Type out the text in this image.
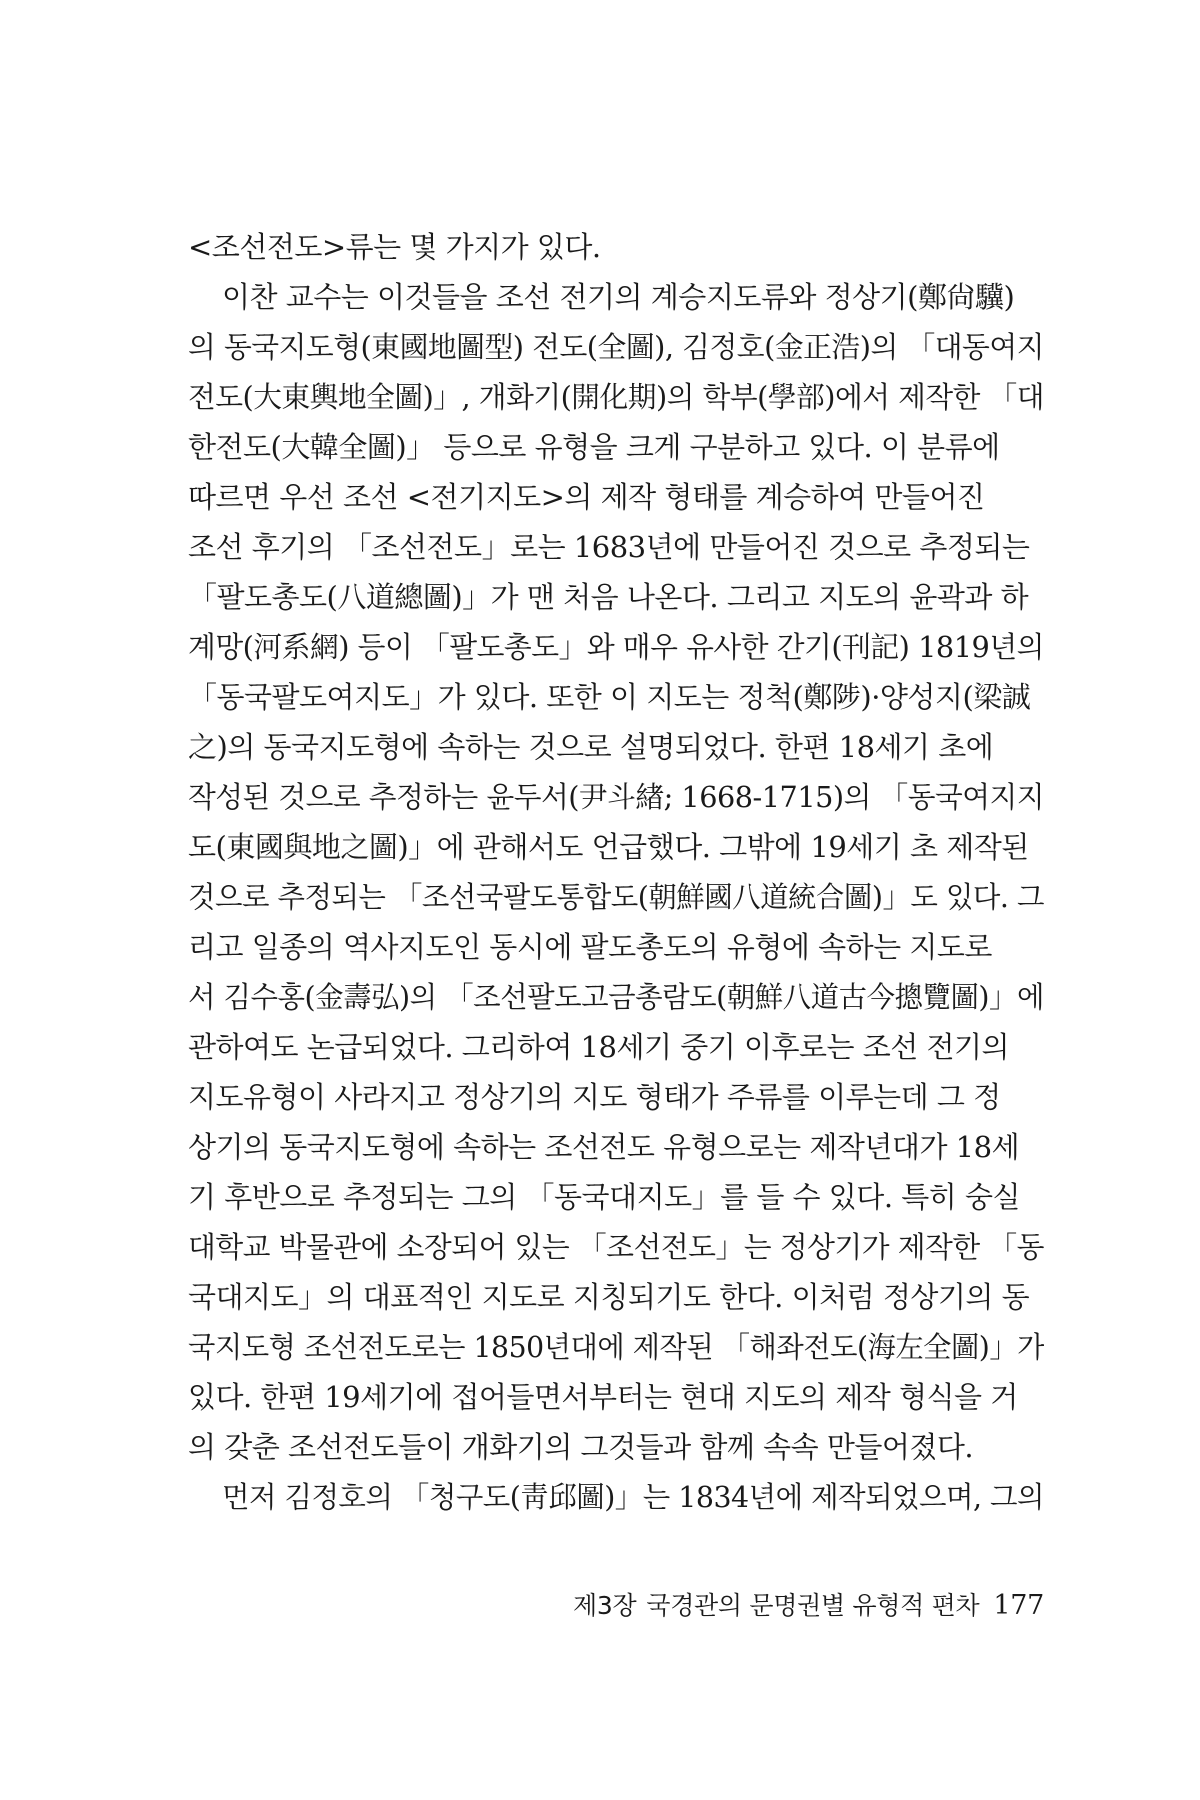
<조선전도>류는 몇 가지가 있다.
이찬 교수는 이것들을 조선 전기의 계승지도류와 정상기(鄭尙驥)
의 동국지도형(東國地圖型) 전도(全圖), 김정호(金正浩)의 「대동여지
전도(大東輿地全圖)」, 개화기(開化期)의 학부(學部)에서 제작한 「대
한전도(大韓全圖)」 등으로 유형을 크게 구분하고 있다. 이 분류에
따르면 우선 조선 <전기지도>의 제작 형태를 계승하여 만들어진
조선 후기의 「조선전도」로는 1683년에 만들어진 것으로 추정되는
「팔도총도(八道總圖)」가 맨 처음 나온다. 그리고 지도의 윤곽과 하
계망(河系網) 등이 「팔도총도」와 매우 유사한 간기(刊記) 1819년의
「동국팔도여지도」가 있다. 또한 이 지도는 정척(鄭陟)·양성지(梁誠
之)의 동국지도형에 속하는 것으로 설명되었다. 한편 18세기 초에
작성된 것으로 추정하는 윤두서(尹斗緖; 1668-1715)의 「동국여지지
도(東國與地之圖)」에 관해서도 언급했다. 그밖에 19세기 초 제작된
것으로 추정되는 「조선국팔도통합도(朝鮮國八道統合圖)」도 있다. 그
리고 일종의 역사지도인 동시에 팔도총도의 유형에 속하는 지도로
서 김수홍(金壽弘)의 「조선팔도고금총람도(朝鮮八道古今摠覽圖)」에
관하여도 논급되었다. 그리하여 18세기 중기 이후로는 조선 전기의
지도유형이 사라지고 정상기의 지도 형태가 주류를 이루는데 그 정
상기의 동국지도형에 속하는 조선전도 유형으로는 제작년대가 18세
기 후반으로 추정되는 그의 「동국대지도」를 들 수 있다. 특히 숭실
대학교 박물관에 소장되어 있는 「조선전도」는 정상기가 제작한 「동
국대지도」의 대표적인 지도로 지칭되기도 한다. 이처럼 정상기의 동
국지도형 조선전도로는 1850년대에 제작된 「해좌전도(海左全圖)」가
있다. 한편 19세기에 접어들면서부터는 현대 지도의 제작 형식을 거
의 갖춘 조선전도들이 개화기의 그것들과 함께 속속 만들어졌다.
먼저 김정호의 「청구도(靑邱圖)」는 1834년에 제작되었으며, 그의
제3장 국경관의 문명권별 유형적 편차 177
